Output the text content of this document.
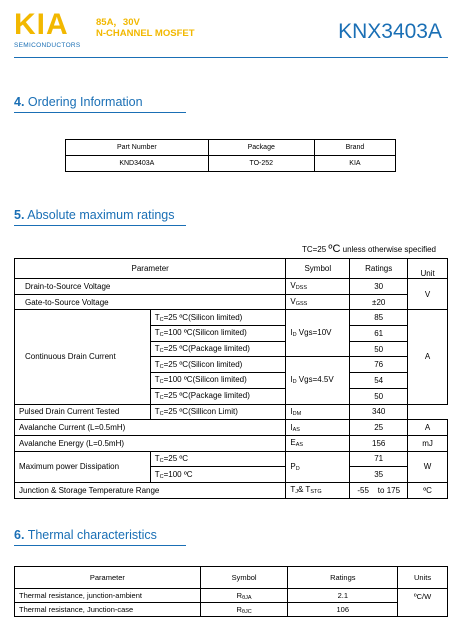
KIA
SEMICONDUCTORS
85A，30V
N-CHANNEL MOSFET	KNX3403A
4. Ordering Information
Part Number	Package	Brand
KND3403A	TO-252	KIA
5. Absolute maximum ratings
TC=25 ºC unless otherwise specified
Parameter		Symbol	Ratings	Unit
Drain-to-Source Voltage		$V_{DSS}$	30	V
Gate-to-Source Voltage		$V_{GSS}$	±20	
Continuous Drain Current	$T_C=25$ ºC(Silicon limited)	$I_D$ Vgs=10V	85	A
	$T_C=100$ ºC(Silicon limited)		61	
	$T_C=25$ ºC(Package limited)		50	
	$T_C=25$ ºC(Silicon limited)	$I_D$ Vgs=4.5V	76	
	$T_C=100$ ºC(Silicon limited)		54	
	$T_C=25$ ºC(Package limited)		50	
Pulsed Drain Current Tested	$T_C=25$ ºC(Sillicon Limit)	$I_{DM}$	340	
Avalanche Current (L=0.5mH)		$I_{AS}$	25	A
Avalanche Energy (L=0.5mH)		$E_{AS}$	156	mJ
Maximum power Dissipation	$T_C=25$ ºC	$P_D$	71	W
	$T_C=100$ ºC		35	
Junction & Storage Temperature Range		$T_J\&$ $T_{STG}$	-55    to 175	ºC
6. Thermal characteristics
Parameter	Symbol	Ratings	Units
Thermal resistance, junction-ambient	$R_{\theta JA}$	2.1	ºC/W
Thermal resistance, Junction-case	$R_{\theta JC}$	106	
